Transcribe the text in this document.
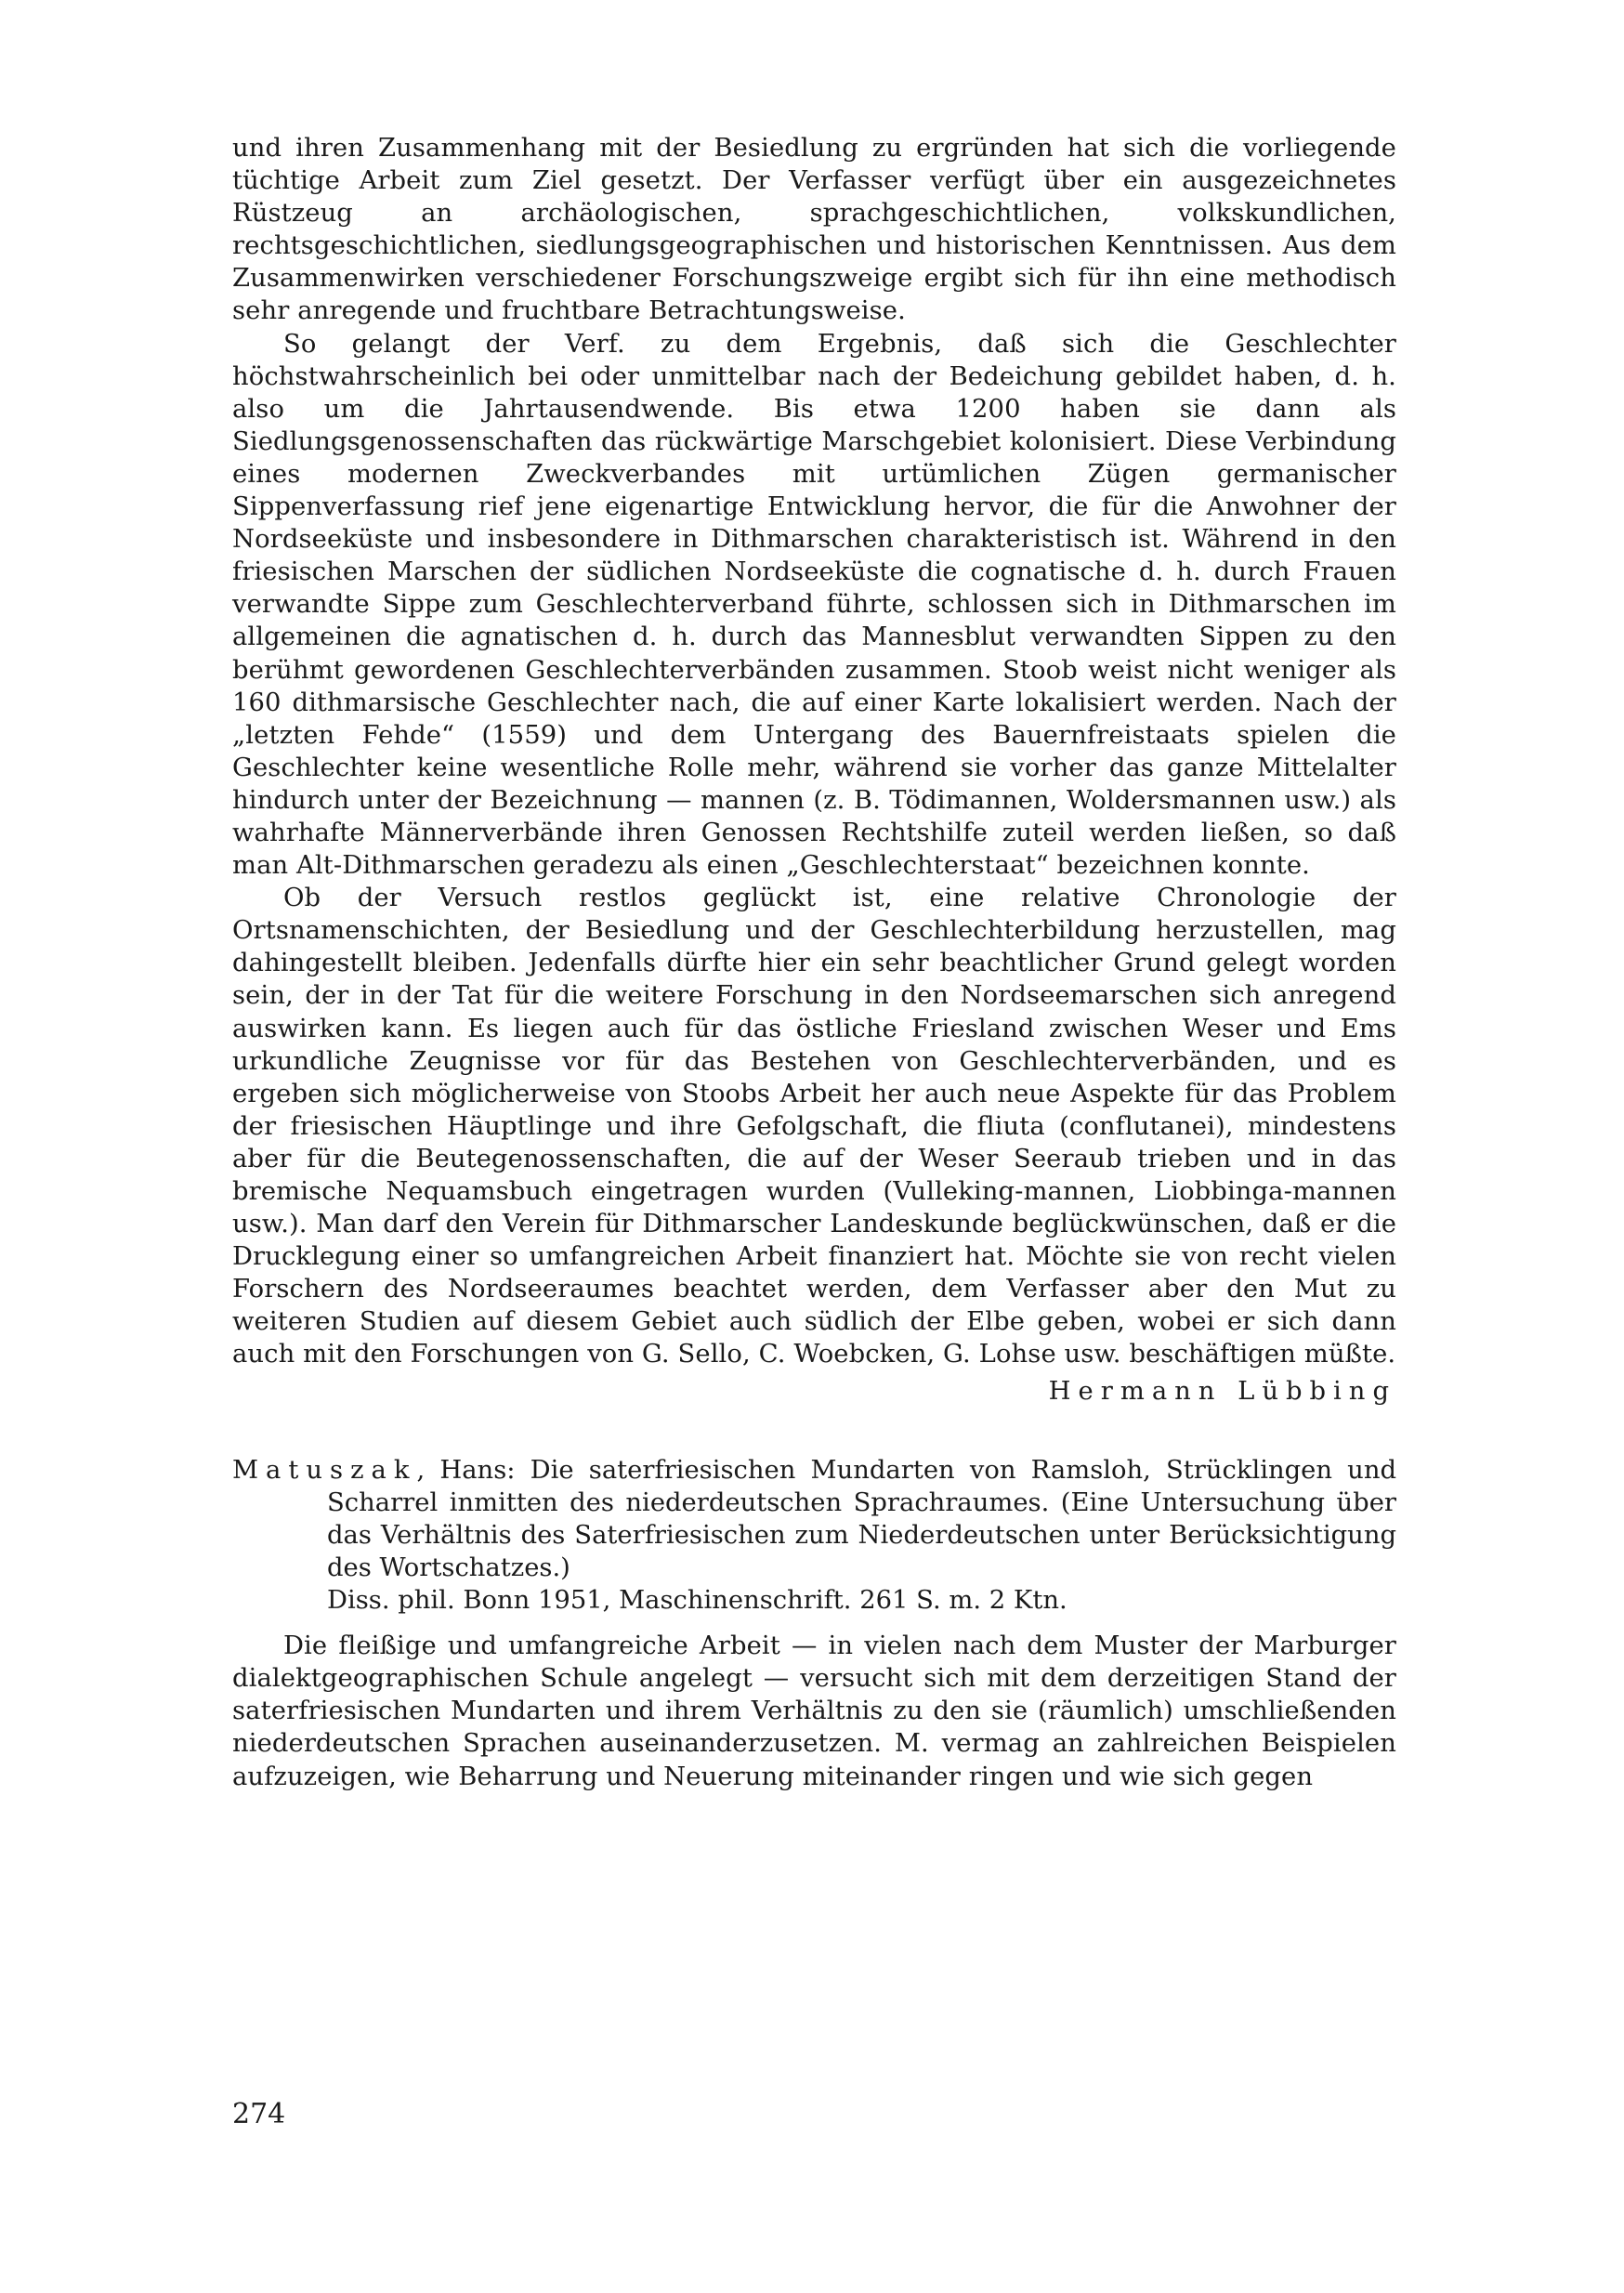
und ihren Zusammenhang mit der Besiedlung zu ergründen hat sich die vorliegende tüchtige Arbeit zum Ziel gesetzt. Der Verfasser verfügt über ein ausgezeichnetes Rüstzeug an archäologischen, sprachgeschichtlichen, volkskundlichen, rechtsgeschichtlichen, siedlungsgeographischen und historischen Kenntnissen. Aus dem Zusammenwirken verschiedener Forschungszweige ergibt sich für ihn eine methodisch sehr anregende und fruchtbare Betrachtungsweise.

So gelangt der Verf. zu dem Ergebnis, daß sich die Geschlechter höchstwahrscheinlich bei oder unmittelbar nach der Bedeichung gebildet haben, d. h. also um die Jahrtausendwende. Bis etwa 1200 haben sie dann als Siedlungsgenossenschaften das rückwärtige Marschgebiet kolonisiert. Diese Verbindung eines modernen Zweckverbandes mit urtümlichen Zügen germanischer Sippenverfassung rief jene eigenartige Entwicklung hervor, die für die Anwohner der Nordseeküste und insbesondere in Dithmarschen charakteristisch ist. Während in den friesischen Marschen der südlichen Nordseeküste die cognatische d. h. durch Frauen verwandte Sippe zum Geschlechterverband führte, schlossen sich in Dithmarschen im allgemeinen die agnatischen d. h. durch das Mannesblut verwandten Sippen zu den berühmt gewordenen Geschlechterverbänden zusammen. Stoob weist nicht weniger als 160 dithmarsische Geschlechter nach, die auf einer Karte lokalisiert werden. Nach der „letzten Fehde“ (1559) und dem Untergang des Bauernfreistaats spielen die Geschlechter keine wesentliche Rolle mehr, während sie vorher das ganze Mittelalter hindurch unter der Bezeichnung — mannen (z. B. Tödimannen, Woldersmannen usw.) als wahrhafte Männerverbände ihren Genossen Rechtshilfe zuteil werden ließen, so daß man Alt-Dithmarschen geradezu als einen „Geschlechterstaat“ bezeichnen konnte.

Ob der Versuch restlos geglückt ist, eine relative Chronologie der Ortsnamenschichten, der Besiedlung und der Geschlechterbildung herzustellen, mag dahingestellt bleiben. Jedenfalls dürfte hier ein sehr beachtlicher Grund gelegt worden sein, der in der Tat für die weitere Forschung in den Nordseemarschen sich anregend auswirken kann. Es liegen auch für das östliche Friesland zwischen Weser und Ems urkundliche Zeugnisse vor für das Bestehen von Geschlechterverbänden, und es ergeben sich möglicherweise von Stoobs Arbeit her auch neue Aspekte für das Problem der friesischen Häuptlinge und ihre Gefolgschaft, die fliuta (conflutanei), mindestens aber für die Beutegenossenschaften, die auf der Weser Seeraub trieben und in das bremische Nequamsbuch eingetragen wurden (Vulleking-mannen, Liobbinga-mannen usw.). Man darf den Verein für Dithmarscher Landeskunde beglückwünschen, daß er die Drucklegung einer so umfangreichen Arbeit finanziert hat. Möchte sie von recht vielen Forschern des Nordseeraumes beachtet werden, dem Verfasser aber den Mut zu weiteren Studien auf diesem Gebiet auch südlich der Elbe geben, wobei er sich dann auch mit den Forschungen von G. Sello, C. Woebcken, G. Lohse usw. beschäftigen müßte.

Hermann Lübbing

Matuszak, Hans: Die saterfriesischen Mundarten von Ramsloh, Strücklingen und Scharrel inmitten des niederdeutschen Sprachraumes. (Eine Untersuchung über das Verhältnis des Saterfriesischen zum Niederdeutschen unter Berücksichtigung des Wortschatzes.)
Diss. phil. Bonn 1951, Maschinenschrift. 261 S. m. 2 Ktn.

Die fleißige und umfangreiche Arbeit — in vielen nach dem Muster der Marburger dialektgeographischen Schule angelegt — versucht sich mit dem derzeitigen Stand der saterfriesischen Mundarten und ihrem Verhältnis zu den sie (räumlich) umschließenden niederdeutschen Sprachen auseinanderzusetzen. M. vermag an zahlreichen Beispielen aufzuzeigen, wie Beharrung und Neuerung miteinander ringen und wie sich gegen

274
